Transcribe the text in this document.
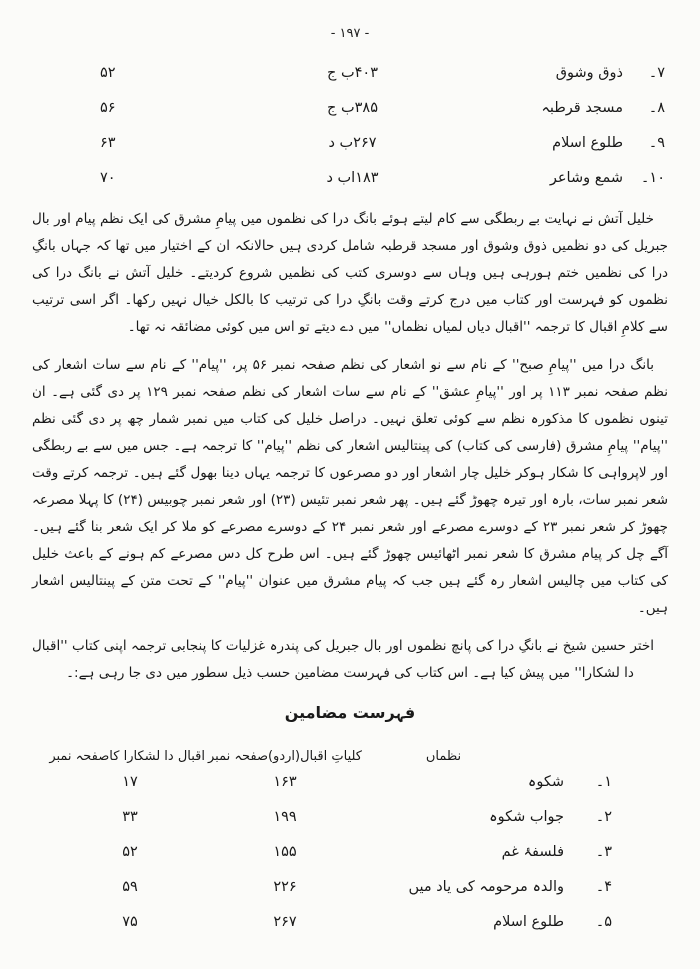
- ۱۹۷ -
۷۔
ذوق وشوق
۴۰۳ب ج
۵۲
۸۔
مسجد قرطبہ
۳۸۵ب ج
۵۶
۹۔
طلوع اسلام
۲۶۷ب د
۶۳
۱۰۔
شمع وشاعر
۱۸۳اب د
۷۰
خلیل آتش نے نہایت بے ربطگی سے کام لیتے ہوئے بانگ درا کی نظموں میں پیامِ مشرق کی ایک نظم پیام اور بال جبریل کی دو نظمیں ذوق وشوق اور مسجد قرطبہ شامل کردی ہیں حالانکہ ان کے اختیار میں تھا کہ جہاں بانگِ درا کی نظمیں ختم ہورہی ہیں وہاں سے دوسری کتب کی نظمیں شروع کردیتے۔ خلیل آتش نے بانگ درا کی نظموں کو فہرست اور کتاب میں درج کرتے وقت بانگِ درا کی ترتیب کا بالکل خیال نہیں رکھا۔ اگر اسی ترتیب سے کلامِ اقبال کا ترجمہ ''اقبال دیاں لمیاں نظماں'' میں دے دیتے تو اس میں کوئی مضائقہ نہ تھا۔
بانگ درا میں ''پیامِ صبح'' کے نام سے نو اشعار کی نظم صفحہ نمبر ۵۶ پر، ''پیام'' کے نام سے سات اشعار کی نظم صفحہ نمبر ۱۱۳ پر اور ''پیامِ عشق'' کے نام سے سات اشعار کی نظم صفحہ نمبر ۱۲۹ پر دی گئی ہے۔ ان تینوں نظموں کا مذکورہ نظم سے کوئی تعلق نہیں۔ دراصل خلیل کی کتاب میں نمبر شمار چھ پر دی گئی نظم ''پیام'' پیامِ مشرق (فارسی کی کتاب) کی پینتالیس اشعار کی نظم ''پیام'' کا ترجمہ ہے۔ جس میں سے بے ربطگی اور لاپرواہی کا شکار ہوکر خلیل چار اشعار اور دو مصرعوں کا ترجمہ یہاں دینا بھول گئے ہیں۔ ترجمہ کرتے وقت شعر نمبر سات، بارہ اور تیرہ چھوڑ گئے ہیں۔ پھر شعر نمبر تئیس (۲۳) اور شعر نمبر چوبیس (۲۴) کا پہلا مصرعہ چھوڑ کر شعر نمبر ۲۳ کے دوسرے مصرعے اور شعر نمبر ۲۴ کے دوسرے مصرعے کو ملا کر ایک شعر بنا گئے ہیں۔ آگے چل کر پیام مشرق کا شعر نمبر اٹھائیس چھوڑ گئے ہیں۔ اس طرح کل دس مصرعے کم ہونے کے باعث خلیل کی کتاب میں چالیس اشعار رہ گئے ہیں جب کہ پیام مشرق میں عنوان ''پیام'' کے تحت متن کے پینتالیس اشعار ہیں۔
اختر حسین شیخ نے بانگِ درا کی پانچ نظموں اور بال جبریل کی پندرہ غزلیات کا پنجابی ترجمہ اپنی کتاب ''اقبال دا لشکارا'' میں پیش کیا ہے۔ اس کتاب کی فہرست مضامین حسب ذیل سطور میں دی جا رہی ہے:۔
فہرست مضامین
نظماں
کلیاتِ اقبال(اردو)صفحہ نمبر
اقبال دا لشکارا کاصفحہ نمبر
۱۔
شکوہ
۱۶۳
۱۷
۲۔
جواب شکوہ
۱۹۹
۳۳
۳۔
فلسفۂ غم
۱۵۵
۵۲
۴۔
والدہ مرحومہ کی یاد میں
۲۲۶
۵۹
۵۔
طلوع اسلام
۲۶۷
۷۵
